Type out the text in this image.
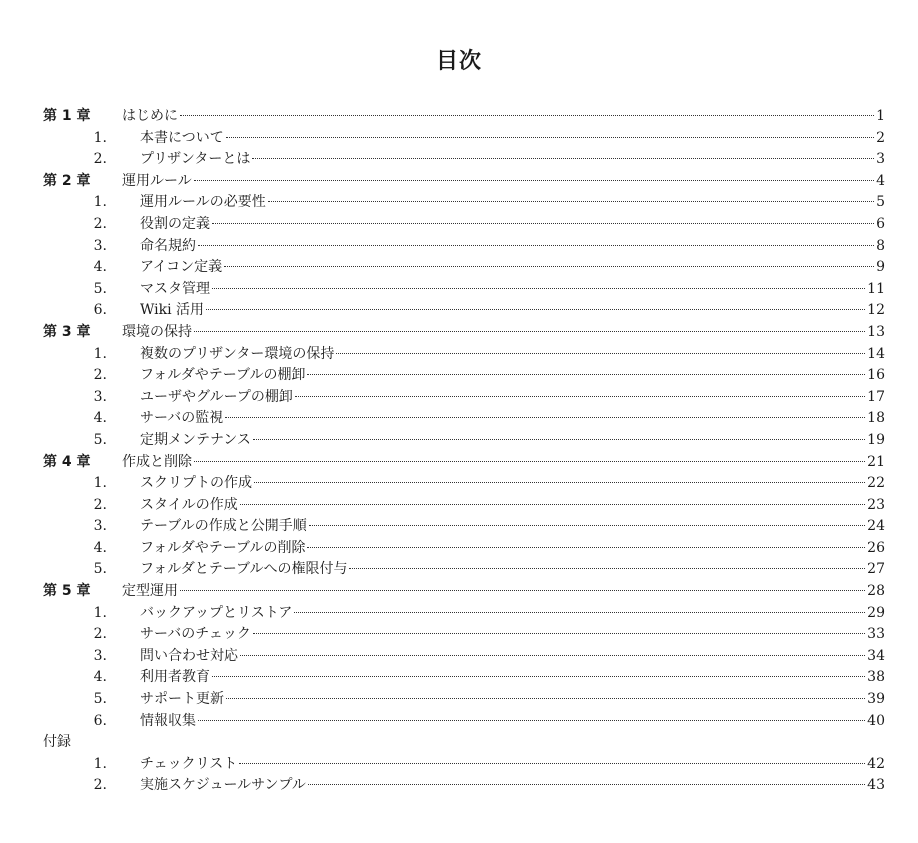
目次
第 1 章	はじめに	1
1. 本書について	2
2. プリザンターとは	3
第 2 章	運用ルール	4
1. 運用ルールの必要性	5
2. 役割の定義	6
3. 命名規約	8
4. アイコン定義	9
5. マスタ管理	11
6. Wiki 活用	12
第 3 章	環境の保持	13
1. 複数のプリザンター環境の保持	14
2. フォルダやテーブルの棚卸	16
3. ユーザやグループの棚卸	17
4. サーバの監視	18
5. 定期メンテナンス	19
第 4 章	作成と削除	21
1. スクリプトの作成	22
2. スタイルの作成	23
3. テーブルの作成と公開手順	24
4. フォルダやテーブルの削除	26
5. フォルダとテーブルへの権限付与	27
第 5 章	定型運用	28
1. バックアップとリストア	29
2. サーバのチェック	33
3. 問い合わせ対応	34
4. 利用者教育	38
5. サポート更新	39
6. 情報収集	40
付録
1. チェックリスト	42
2. 実施スケジュールサンプル	43
